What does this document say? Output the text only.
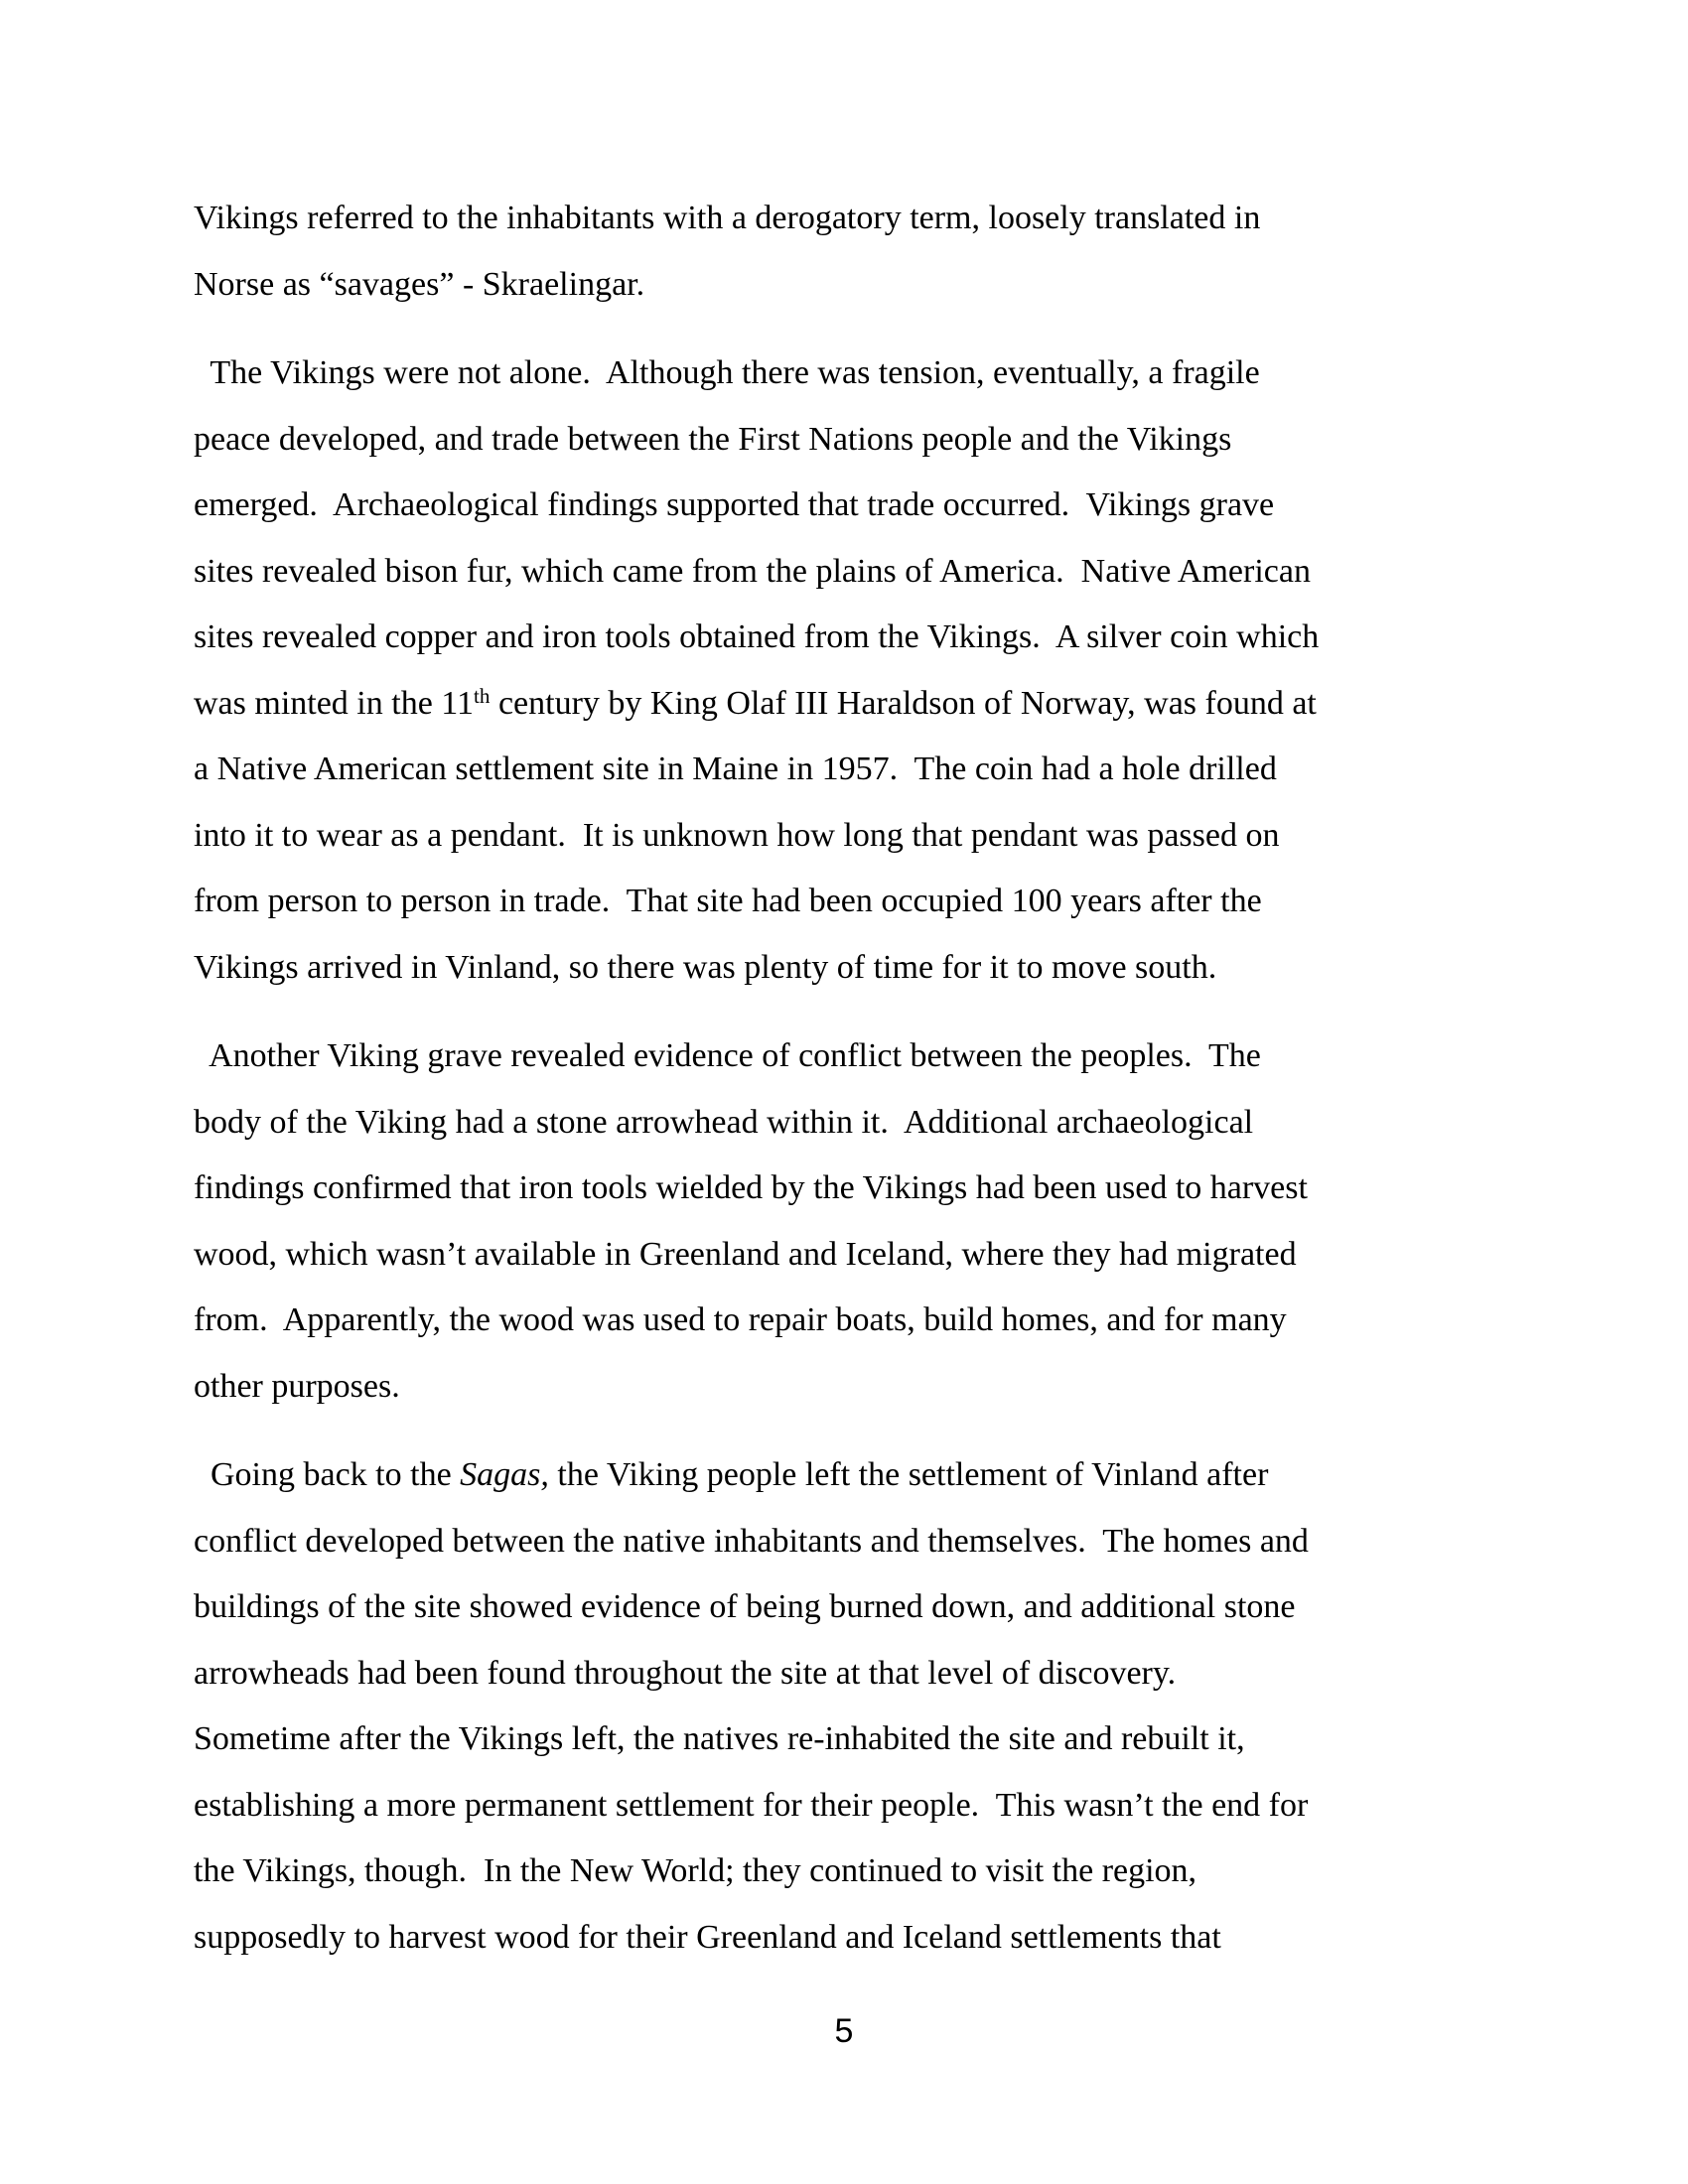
Vikings referred to the inhabitants with a derogatory term, loosely translated in
Norse as “savages” - Skraelingar.
The Vikings were not alone.  Although there was tension, eventually, a fragile
peace developed, and trade between the First Nations people and the Vikings
emerged.  Archaeological findings supported that trade occurred.  Vikings grave
sites revealed bison fur, which came from the plains of America.  Native American
sites revealed copper and iron tools obtained from the Vikings.  A silver coin which
was minted in the 11th century by King Olaf III Haraldson of Norway, was found at
a Native American settlement site in Maine in 1957.  The coin had a hole drilled
into it to wear as a pendant.  It is unknown how long that pendant was passed on
from person to person in trade.  That site had been occupied 100 years after the
Vikings arrived in Vinland, so there was plenty of time for it to move south.
Another Viking grave revealed evidence of conflict between the peoples.  The
body of the Viking had a stone arrowhead within it.  Additional archaeological
findings confirmed that iron tools wielded by the Vikings had been used to harvest
wood, which wasn’t available in Greenland and Iceland, where they had migrated
from.  Apparently, the wood was used to repair boats, build homes, and for many
other purposes.
Going back to the Sagas, the Viking people left the settlement of Vinland after
conflict developed between the native inhabitants and themselves.  The homes and
buildings of the site showed evidence of being burned down, and additional stone
arrowheads had been found throughout the site at that level of discovery.
Sometime after the Vikings left, the natives re-inhabited the site and rebuilt it,
establishing a more permanent settlement for their people.  This wasn’t the end for
the Vikings, though.  In the New World; they continued to visit the region,
supposedly to harvest wood for their Greenland and Iceland settlements that
5
